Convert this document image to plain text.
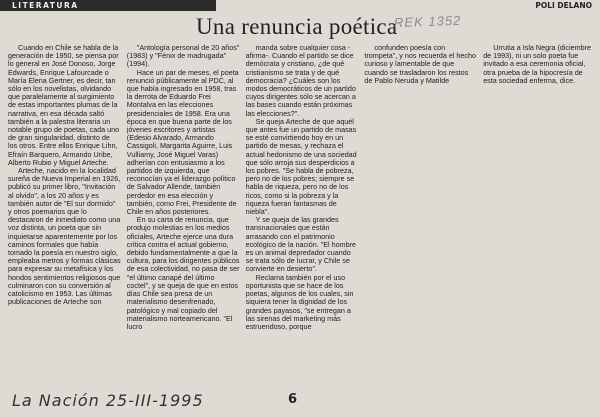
LITERATURA	POLI DELANO
Una renuncia poética
REK 1352

Cuando en Chile se habla de la generación de 1950, se piensa por lo general en José Donoso, Jorge Edwards, Enrique Lafourcade o María Elena Gertner, es decir, tan sólo en los novelistas, olvidando que paralelamente al surgimiento de estas importantes plumas de la narrativa, en esa década saltó también a la palestra literaria un notable grupo de poetas, cada uno de gran singularidad, distinto de los otros. Entre ellos Enrique Lihn, Efraín Barquero, Armando Uribe, Alberto Rubio y Miguel Arteche.

Arteche, nacido en la localidad sureña de Nueva Imperial en 1926, publicó su primer libro, "Invitación al olvido", a los 20 años y es también autor de "El sur dormido" y otros poemarios que lo destacaron de inmediato como una voz distinta, un poeta que sin inquietarse aparentemente por los caminos formales que había tomado la poesía en nuestro siglo, empleaba metros y formas clásicas para expresar su metafísica y los hondos sentimientos religiosos que culminaron con su conversión al catolicismo en 1953. Las últimas publicaciones de Arteche son

"Antología personal de 20 años" (1983) y "Fénix de madrugada" (1994).

Hace un par de meses, el poeta renunció públicamente al PDC, al que había ingresado en 1958, tras la derrota de Eduardo Frei Montalva en las elecciones presidenciales de 1958. Era una época en que buena parte de los jóvenes escritores y artistas (Edesio Alvarado, Armando Cassigoli, Margarita Aguirre, Luis Vulliamy, José Miguel Varas) adherían con entusiasmo a los partidos de izquierda, que reconocían ya el liderazgo político de Salvador Allende, también perdedor en esa elección y también, como Frei, Presidente de Chile en años posteriores.

En su carta de renuncia, que produjo molestias en los medios oficiales, Arteche ejerce una dura crítica contra el actual gobierno, debido fundamentalmente a que la cultura, para los dirigentes públicos de esa colectividad, no pasa de ser "el último canapé del último coctel", y se queja de que en estos días Chile sea presa de un materialismo desenfrenado, patológico y mal copiado del materialismo norteamericano. "El lucro

manda sobre cualquier cosa -afirma-. Cuando el partido se dice demócrata y cristiano, ¿de qué cristianismo se trata y de qué democracia? ¿Cuáles son los modos democráticos de un partido cuyos dirigentes sólo se acercan a las bases cuando están próximas las elecciones?".

Se queja Arteche de que aquél que antes fue un partido de masas se esté convirtiendo hoy en un partido de mesas, y rechaza el actual hedonismo de una sociedad que sólo arroja sus desperdicios a los pobres. "Se habla de pobreza, pero no de los pobres; siempre se habla de riqueza, pero no de los ricos, como si la pobreza y la riqueza fueran fantasmas de niebla".

Y se queja de las grandes transnacionales que están arrasando con el patrimonio ecológico de la nación. "El hombre es un animal depredador cuando se trata sólo de lucrar, y Chile se convierte en desierto".

Reclama también por el uso oportunista que se hace de los poetas, algunos de los cuales, sin siquiera tener la dignidad de los grandes payasos, "se entregan a las sirenas del marketing más estruendoso, porque

confunden poesía con trompeta", y nos recuerda el hecho curioso y lamentable de que cuando se trasladaron los restos de Pablo Neruda y Matilde

Urrutia a Isla Negra (diciembre de 1993), ni un solo poeta fue invitado a esa ceremonia oficial, otra prueba de la hipocresía de esta sociedad enferma, dice.

La Nación 25-III-1995	6
